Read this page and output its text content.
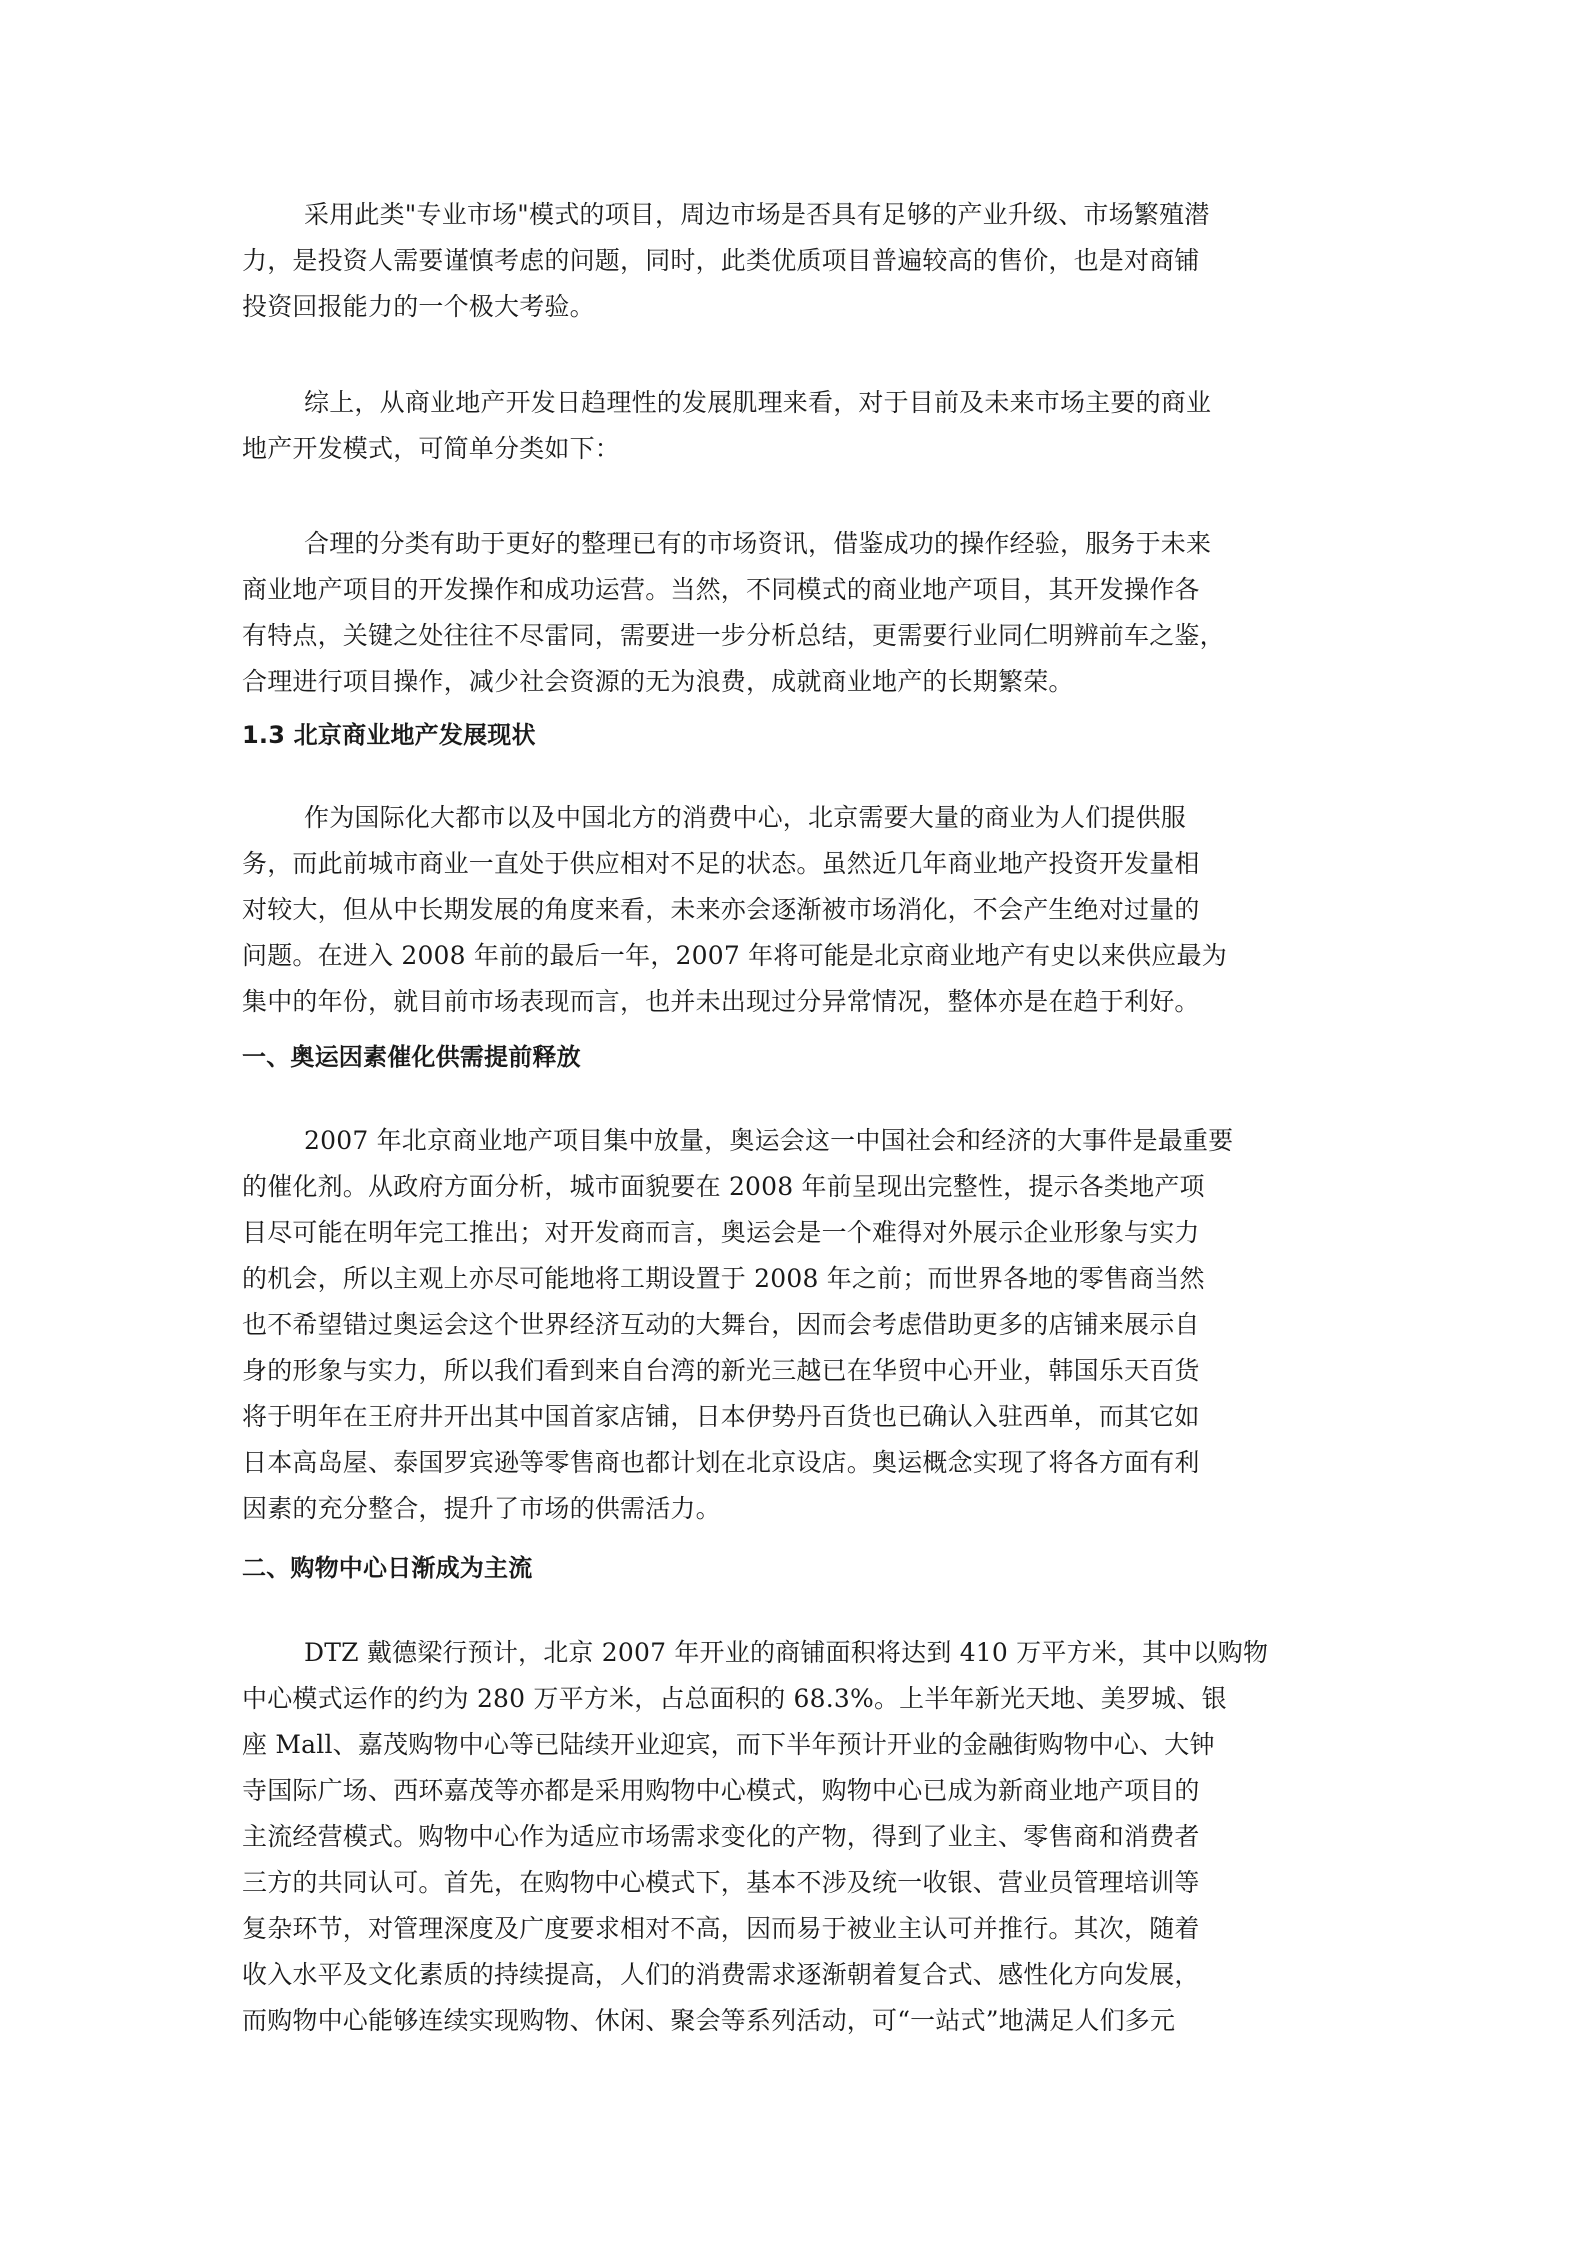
采用此类"专业市场"模式的项目，周边市场是否具有足够的产业升级、市场繁殖潜
力，是投资人需要谨慎考虑的问题，同时，此类优质项目普遍较高的售价，也是对商铺
投资回报能力的一个极大考验。
综上，从商业地产开发日趋理性的发展肌理来看，对于目前及未来市场主要的商业
地产开发模式，可简单分类如下：
合理的分类有助于更好的整理已有的市场资讯，借鉴成功的操作经验，服务于未来
商业地产项目的开发操作和成功运营。当然，不同模式的商业地产项目，其开发操作各
有特点，关键之处往往不尽雷同，需要进一步分析总结，更需要行业同仁明辨前车之鉴，
合理进行项目操作，减少社会资源的无为浪费，成就商业地产的长期繁荣。
1.3 北京商业地产发展现状
作为国际化大都市以及中国北方的消费中心，北京需要大量的商业为人们提供服
务，而此前城市商业一直处于供应相对不足的状态。虽然近几年商业地产投资开发量相
对较大，但从中长期发展的角度来看，未来亦会逐渐被市场消化，不会产生绝对过量的
问题。在进入 2008 年前的最后一年，2007 年将可能是北京商业地产有史以来供应最为
集中的年份，就目前市场表现而言，也并未出现过分异常情况，整体亦是在趋于利好。
一、奥运因素催化供需提前释放
2007 年北京商业地产项目集中放量，奥运会这一中国社会和经济的大事件是最重要
的催化剂。从政府方面分析，城市面貌要在 2008 年前呈现出完整性，提示各类地产项
目尽可能在明年完工推出；对开发商而言，奥运会是一个难得对外展示企业形象与实力
的机会，所以主观上亦尽可能地将工期设置于 2008 年之前；而世界各地的零售商当然
也不希望错过奥运会这个世界经济互动的大舞台，因而会考虑借助更多的店铺来展示自
身的形象与实力，所以我们看到来自台湾的新光三越已在华贸中心开业，韩国乐天百货
将于明年在王府井开出其中国首家店铺，日本伊势丹百货也已确认入驻西单，而其它如
日本高岛屋、泰国罗宾逊等零售商也都计划在北京设店。奥运概念实现了将各方面有利
因素的充分整合，提升了市场的供需活力。
二、购物中心日渐成为主流
DTZ 戴德梁行预计，北京 2007 年开业的商铺面积将达到 410 万平方米，其中以购物
中心模式运作的约为 280 万平方米，占总面积的 68.3%。上半年新光天地、美罗城、银
座 Mall、嘉茂购物中心等已陆续开业迎宾，而下半年预计开业的金融街购物中心、大钟
寺国际广场、西环嘉茂等亦都是采用购物中心模式，购物中心已成为新商业地产项目的
主流经营模式。购物中心作为适应市场需求变化的产物，得到了业主、零售商和消费者
三方的共同认可。首先，在购物中心模式下，基本不涉及统一收银、营业员管理培训等
复杂环节，对管理深度及广度要求相对不高，因而易于被业主认可并推行。其次，随着
收入水平及文化素质的持续提高，人们的消费需求逐渐朝着复合式、感性化方向发展，
而购物中心能够连续实现购物、休闲、聚会等系列活动，可“一站式”地满足人们多元
